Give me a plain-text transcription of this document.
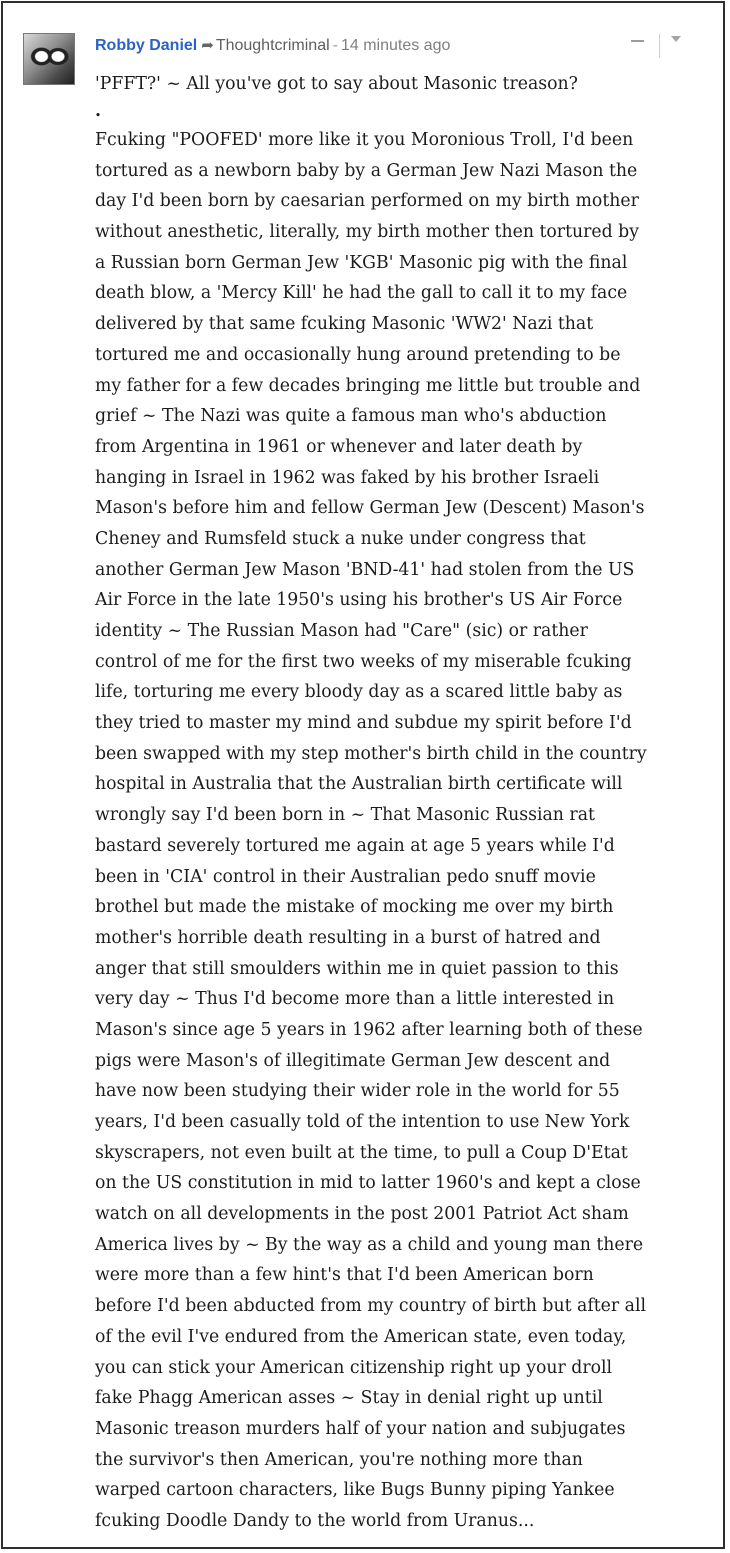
Robby Daniel ➦ Thoughtcriminal - 14 minutes ago
'PFFT?' ~ All you've got to say about Masonic treason?
.
Fcuking "POOFED' more like it you Moronious Troll, I'd been
tortured as a newborn baby by a German Jew Nazi Mason the
day I'd been born by caesarian performed on my birth mother
without anesthetic, literally, my birth mother then tortured by
a Russian born German Jew 'KGB' Masonic pig with the final
death blow, a 'Mercy Kill' he had the gall to call it to my face
delivered by that same fcuking Masonic 'WW2' Nazi that
tortured me and occasionally hung around pretending to be
my father for a few decades bringing me little but trouble and
grief ~ The Nazi was quite a famous man who's abduction
from Argentina in 1961 or whenever and later death by
hanging in Israel in 1962 was faked by his brother Israeli
Mason's before him and fellow German Jew (Descent) Mason's
Cheney and Rumsfeld stuck a nuke under congress that
another German Jew Mason 'BND-41' had stolen from the US
Air Force in the late 1950's using his brother's US Air Force
identity ~ The Russian Mason had "Care" (sic) or rather
control of me for the first two weeks of my miserable fcuking
life, torturing me every bloody day as a scared little baby as
they tried to master my mind and subdue my spirit before I'd
been swapped with my step mother's birth child in the country
hospital in Australia that the Australian birth certificate will
wrongly say I'd been born in ~ That Masonic Russian rat
bastard severely tortured me again at age 5 years while I'd
been in 'CIA' control in their Australian pedo snuff movie
brothel but made the mistake of mocking me over my birth
mother's horrible death resulting in a burst of hatred and
anger that still smoulders within me in quiet passion to this
very day ~ Thus I'd become more than a little interested in
Mason's since age 5 years in 1962 after learning both of these
pigs were Mason's of illegitimate German Jew descent and
have now been studying their wider role in the world for 55
years, I'd been casually told of the intention to use New York
skyscrapers, not even built at the time, to pull a Coup D'Etat
on the US constitution in mid to latter 1960's and kept a close
watch on all developments in the post 2001 Patriot Act sham
America lives by ~ By the way as a child and young man there
were more than a few hint's that I'd been American born
before I'd been abducted from my country of birth but after all
of the evil I've endured from the American state, even today,
you can stick your American citizenship right up your droll
fake Phagg American asses ~ Stay in denial right up until
Masonic treason murders half of your nation and subjugates
the survivor's then American, you're nothing more than
warped cartoon characters, like Bugs Bunny piping Yankee
fcuking Doodle Dandy to the world from Uranus...
